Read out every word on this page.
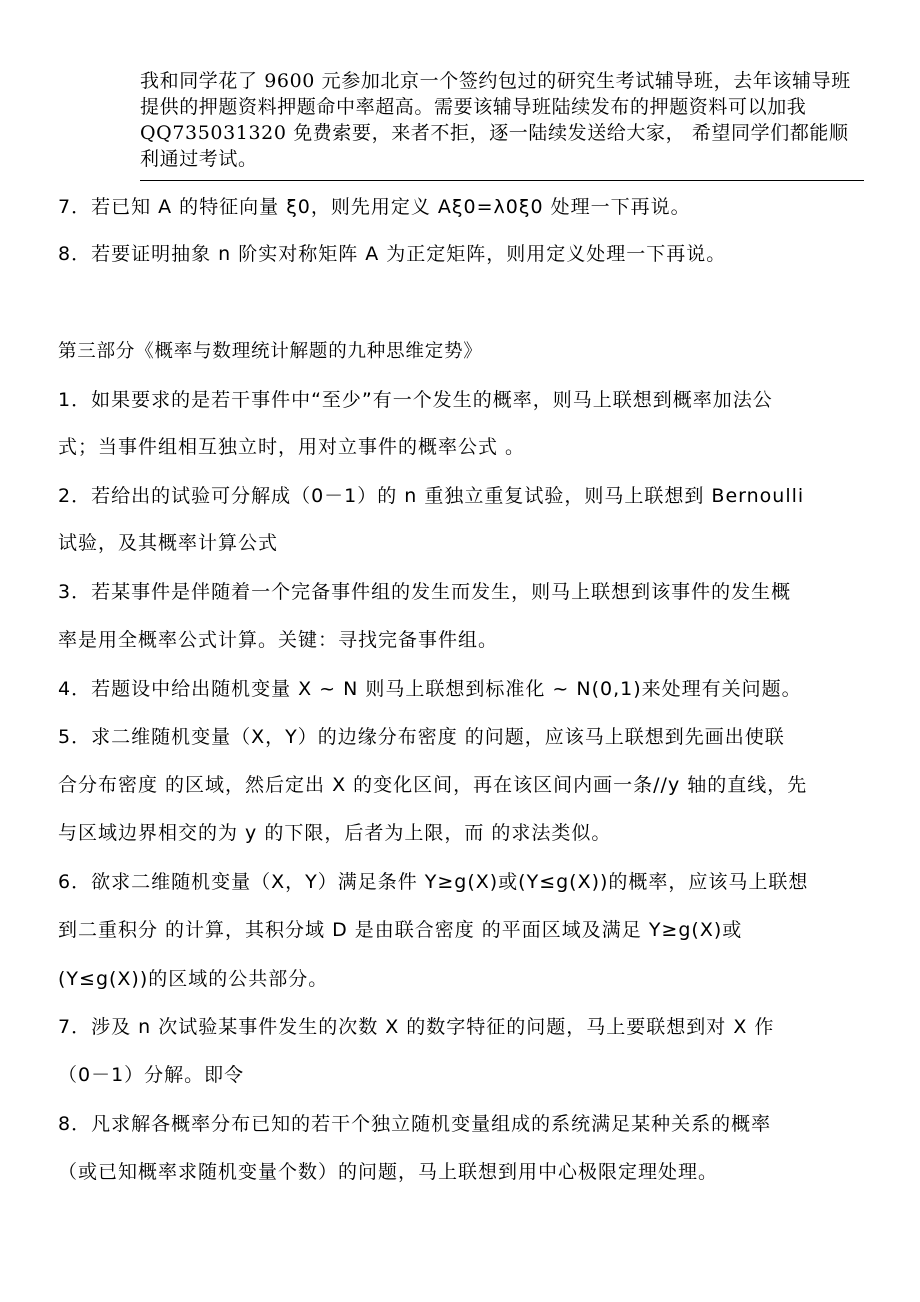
我和同学花了 9600 元参加北京一个签约包过的研究生考试辅导班，去年该辅导班提供的押题资料押题命中率超高。需要该辅导班陆续发布的押题资料可以加我 QQ735031320 免费索要，来者不拒，逐一陆续发送给大家， 希望同学们都能顺利通过考试。
7．若已知 A 的特征向量 ξ0，则先用定义 Aξ0=λ0ξ0 处理一下再说。
8．若要证明抽象 n 阶实对称矩阵 A 为正定矩阵，则用定义处理一下再说。
第三部分《概率与数理统计解题的九种思维定势》
1．如果要求的是若干事件中“至少”有一个发生的概率，则马上联想到概率加法公
式；当事件组相互独立时，用对立事件的概率公式 。
2．若给出的试验可分解成（0－1）的 n 重独立重复试验，则马上联想到 Bernoulli
试验，及其概率计算公式
3．若某事件是伴随着一个完备事件组的发生而发生，则马上联想到该事件的发生概
率是用全概率公式计算。关键：寻找完备事件组。
4．若题设中给出随机变量 X ~ N 则马上联想到标准化 ~ N(0,1)来处理有关问题。
5．求二维随机变量（X，Y）的边缘分布密度 的问题，应该马上联想到先画出使联
合分布密度 的区域，然后定出 X 的变化区间，再在该区间内画一条//y 轴的直线，先
与区域边界相交的为 y 的下限，后者为上限，而 的求法类似。
6．欲求二维随机变量（X，Y）满足条件 Y≥g(X)或(Y≤g(X))的概率，应该马上联想
到二重积分 的计算，其积分域 D 是由联合密度 的平面区域及满足 Y≥g(X)或
(Y≤g(X))的区域的公共部分。
7．涉及 n 次试验某事件发生的次数 X 的数字特征的问题，马上要联想到对 X 作
（0－1）分解。即令
8．凡求解各概率分布已知的若干个独立随机变量组成的系统满足某种关系的概率
（或已知概率求随机变量个数）的问题，马上联想到用中心极限定理处理。
